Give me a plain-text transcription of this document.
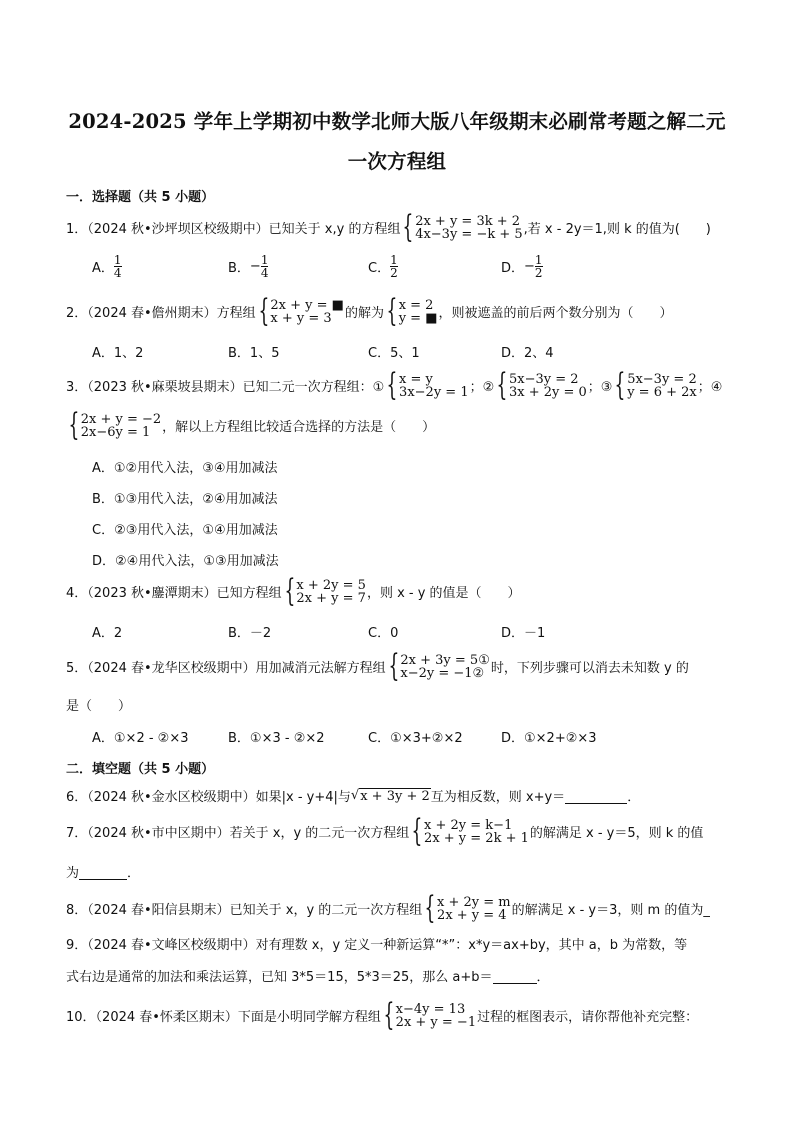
2024-2025 学年上学期初中数学北师大版八年级期末必刷常考题之解二元
一次方程组
一．选择题（共 5 小题）
1．（2024 秋•沙坪坝区校级期中）已知关于 x,y 的方程组 { 2x + y = 3k + 2
4x−3y = −k + 5 ,若 x - 2y＝1,则 k 的值为(　　)
A． $\frac{1}{4}$	B． − $\frac{1}{4}$	C． $\frac{1}{2}$	D． − $\frac{1}{2}$
2．（2024 春•儋州期末）方程组 { 2x + y = ■
x + y = 3	的解为 { x = 2
y = ■ ，则被遮盖的前后两个数分别为（　　）
A．1、2	B．1、5	C．5、1	D．2、4
3．（2023 秋•麻栗坡县期末）已知二元一次方程组：① { x = y
3x−2y = 1 ；② { 5x−3y = 2
3x + 2y = 0 ；③ { 5x−3y = 2
y = 6 + 2x ；④
{ 2x + y = −2
2x−6y = 1 ，解以上方程组比较适合选择的方法是（　　）
A．①②用代入法，③④用加减法
B．①③用代入法，②④用加减法
C．②③用代入法，①④用加减法
D．②④用代入法，①③用加减法
4．（2023 秋•鏖潭期末）已知方程组 { x + 2y = 5
2x + y = 7 ，则 x - y 的值是（　　）
A．2	B．－2	C．0	D．－1
5．（2024 春•龙华区校级期中）用加减消元法解方程组 { 2x + 3y = 5①
x−2y = −1② 时，下列步骤可以消去未知数 y 的
是（　　）
A．①×2 - ②×3	B．①×3 - ②×2	C．①×3+②×2	D．①×2+②×3
二．填空题（共 5 小题）
6．（2024 秋•金水区校级期中）如果|x - y+4|与 √ x + 3y + 2 互为相反数，则 x+y＝
	．
7．（2024 秋•市中区期中）若关于 x，y 的二元一次方程组 { x + 2y = k−1
2x + y = 2k + 1 的解满足 x - y＝5，则 k 的值
为
	．
8．（2024 春•阳信县期末）已知关于 x，y 的二元一次方程组 { x + 2y = m
2x + y = 4 的解满足 x - y＝3，则 m 的值为_
9．（2024 春•文峰区校级期中）对有理数 x，y 定义一种新运算“*”：x*y＝ax+by，其中 a，b 为常数，等
式右边是通常的加法和乘法运算，已知 3*5＝15，5*3＝25，那么 a+b＝
	．
10．（2024 春•怀柔区期末）下面是小明同学解方程组 { x−4y = 13
2x + y = −1 过程的框图表示，请你帮他补充完整：
